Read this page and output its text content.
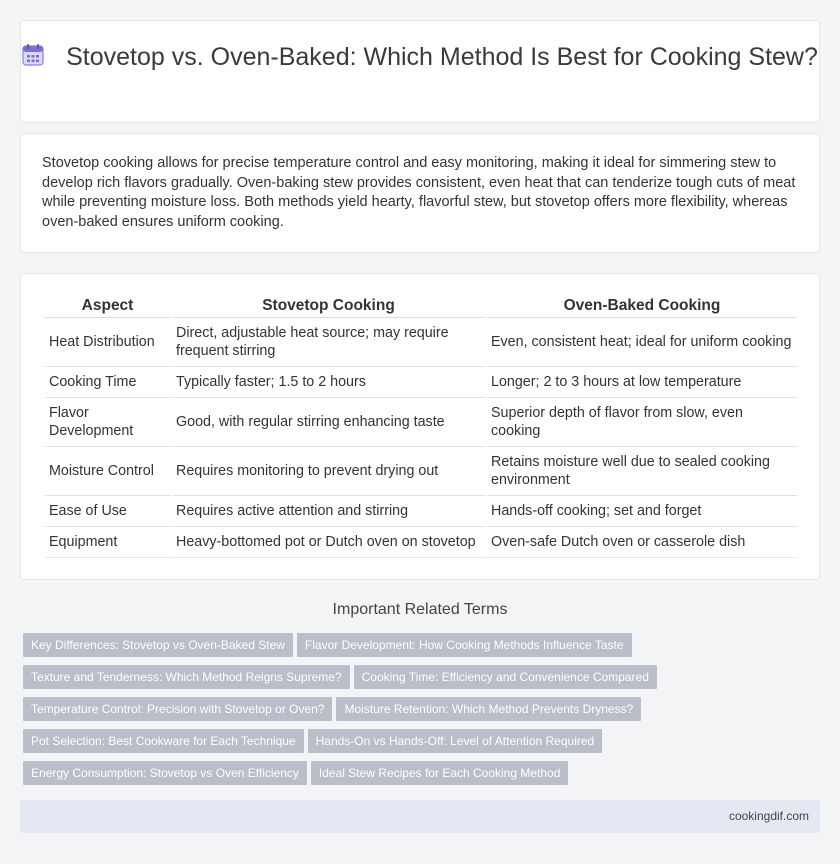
Stovetop vs. Oven-Baked: Which Method Is Best for Cooking Stew?

Stovetop cooking allows for precise temperature control and easy monitoring, making it ideal for simmering stew to develop rich flavors gradually. Oven-baking stew provides consistent, even heat that can tenderize tough cuts of meat while preventing moisture loss. Both methods yield hearty, flavorful stew, but stovetop offers more flexibility, whereas oven-baked ensures uniform cooking.

Aspect	Stovetop Cooking	Oven-Baked Cooking
Heat Distribution	Direct, adjustable heat source; may require frequent stirring	Even, consistent heat; ideal for uniform cooking
Cooking Time	Typically faster; 1.5 to 2 hours	Longer; 2 to 3 hours at low temperature
Flavor Development	Good, with regular stirring enhancing taste	Superior depth of flavor from slow, even cooking
Moisture Control	Requires monitoring to prevent drying out	Retains moisture well due to sealed cooking environment
Ease of Use	Requires active attention and stirring	Hands-off cooking; set and forget
Equipment	Heavy-bottomed pot or Dutch oven on stovetop	Oven-safe Dutch oven or casserole dish
Important Related Terms
Key Differences: Stovetop vs Oven-Baked Stew Flavor Development: How Cooking Methods Influence Taste
Texture and Tenderness: Which Method Reigns Supreme? Cooking Time: Efficiency and Convenience Compared
Temperature Control: Precision with Stovetop or Oven? Moisture Retention: Which Method Prevents Dryness?
Pot Selection: Best Cookware for Each Technique Hands-On vs Hands-Off: Level of Attention Required
Energy Consumption: Stovetop vs Oven Efficiency Ideal Stew Recipes for Each Cooking Method
cookingdif.com
